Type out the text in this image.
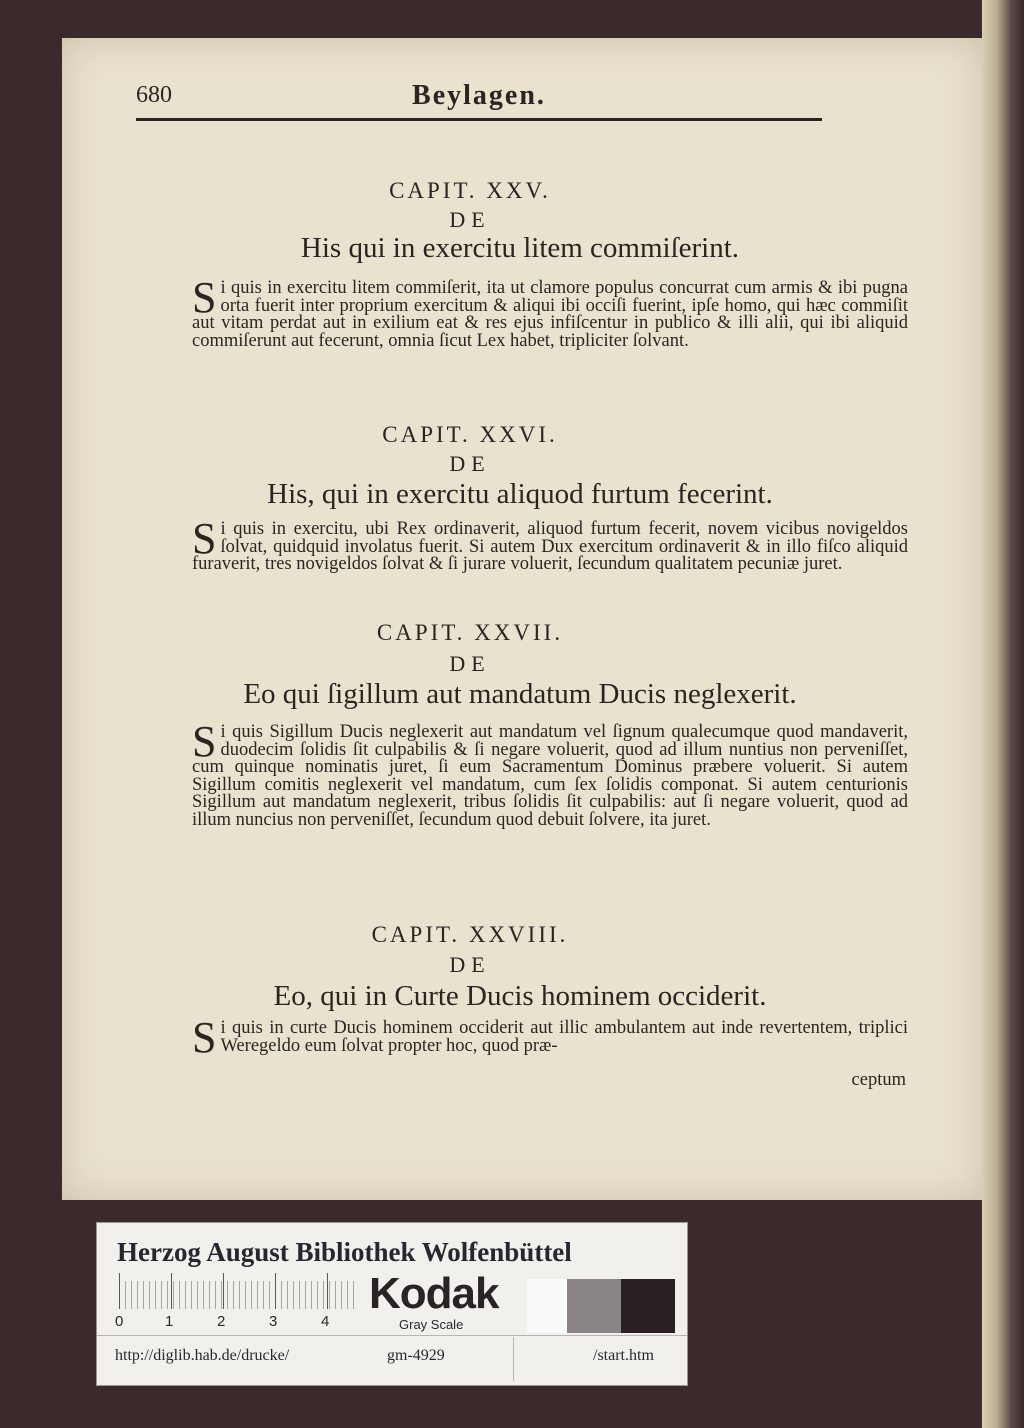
680	Beylagen.
CAPIT. XXV.
DE
His qui in exercitu litem commiſerint.

Si quis in exercitu litem commiſerit, ita ut clamore populus concurrat cum armis & ibi pugna orta fuerit inter proprium exercitum & aliqui ibi occiſi fuerint, ipſe homo, qui hæc commiſit aut vitam perdat aut in exilium eat & res ejus infiſcentur in publico & illi alii, qui ibi aliquid commiſerunt aut fecerunt, omnia ſicut Lex habet, tripliciter ſolvant.

CAPIT. XXVI.
DE
His, qui in exercitu aliquod furtum fecerint.

Si quis in exercitu, ubi Rex ordinaverit, aliquod furtum fecerit, novem vicibus novigeldos ſolvat, quidquid involatus fuerit. Si autem Dux exercitum ordinaverit & in illo fiſco aliquid furaverit, tres novigeldos ſolvat & ſi jurare voluerit, ſecundum qualitatem pecuniæ juret.

CAPIT. XXVII.
DE
Eo qui ſigillum aut mandatum Ducis neglexerit.

Si quis Sigillum Ducis neglexerit aut mandatum vel ſignum qualecumque quod mandaverit, duodecim ſolidis ſit culpabilis & ſi negare voluerit, quod ad illum nuntius non perveniſſet, cum quinque nominatis juret, ſi eum Sacramentum Dominus præbere voluerit. Si autem Sigillum comitis neglexerit vel mandatum, cum ſex ſolidis componat. Si autem centurionis Sigillum aut mandatum neglexerit, tribus ſolidis ſit culpabilis: aut ſi negare voluerit, quod ad illum nuncius non perveniſſet, ſecundum quod debuit ſolvere, ita juret.

CAPIT. XXVIII.
DE
Eo, qui in Curte Ducis hominem occiderit.

Si quis in curte Ducis hominem occiderit aut illic ambulantem aut inde revertentem, triplici Weregeldo eum ſolvat propter hoc, quod præ-

ceptum
Herzog August Bibliothek Wolfenbüttel
0	1	2	3	4
Kodak
Gray Scale
http://diglib.hab.de/drucke/	gm-4929	/start.htm
